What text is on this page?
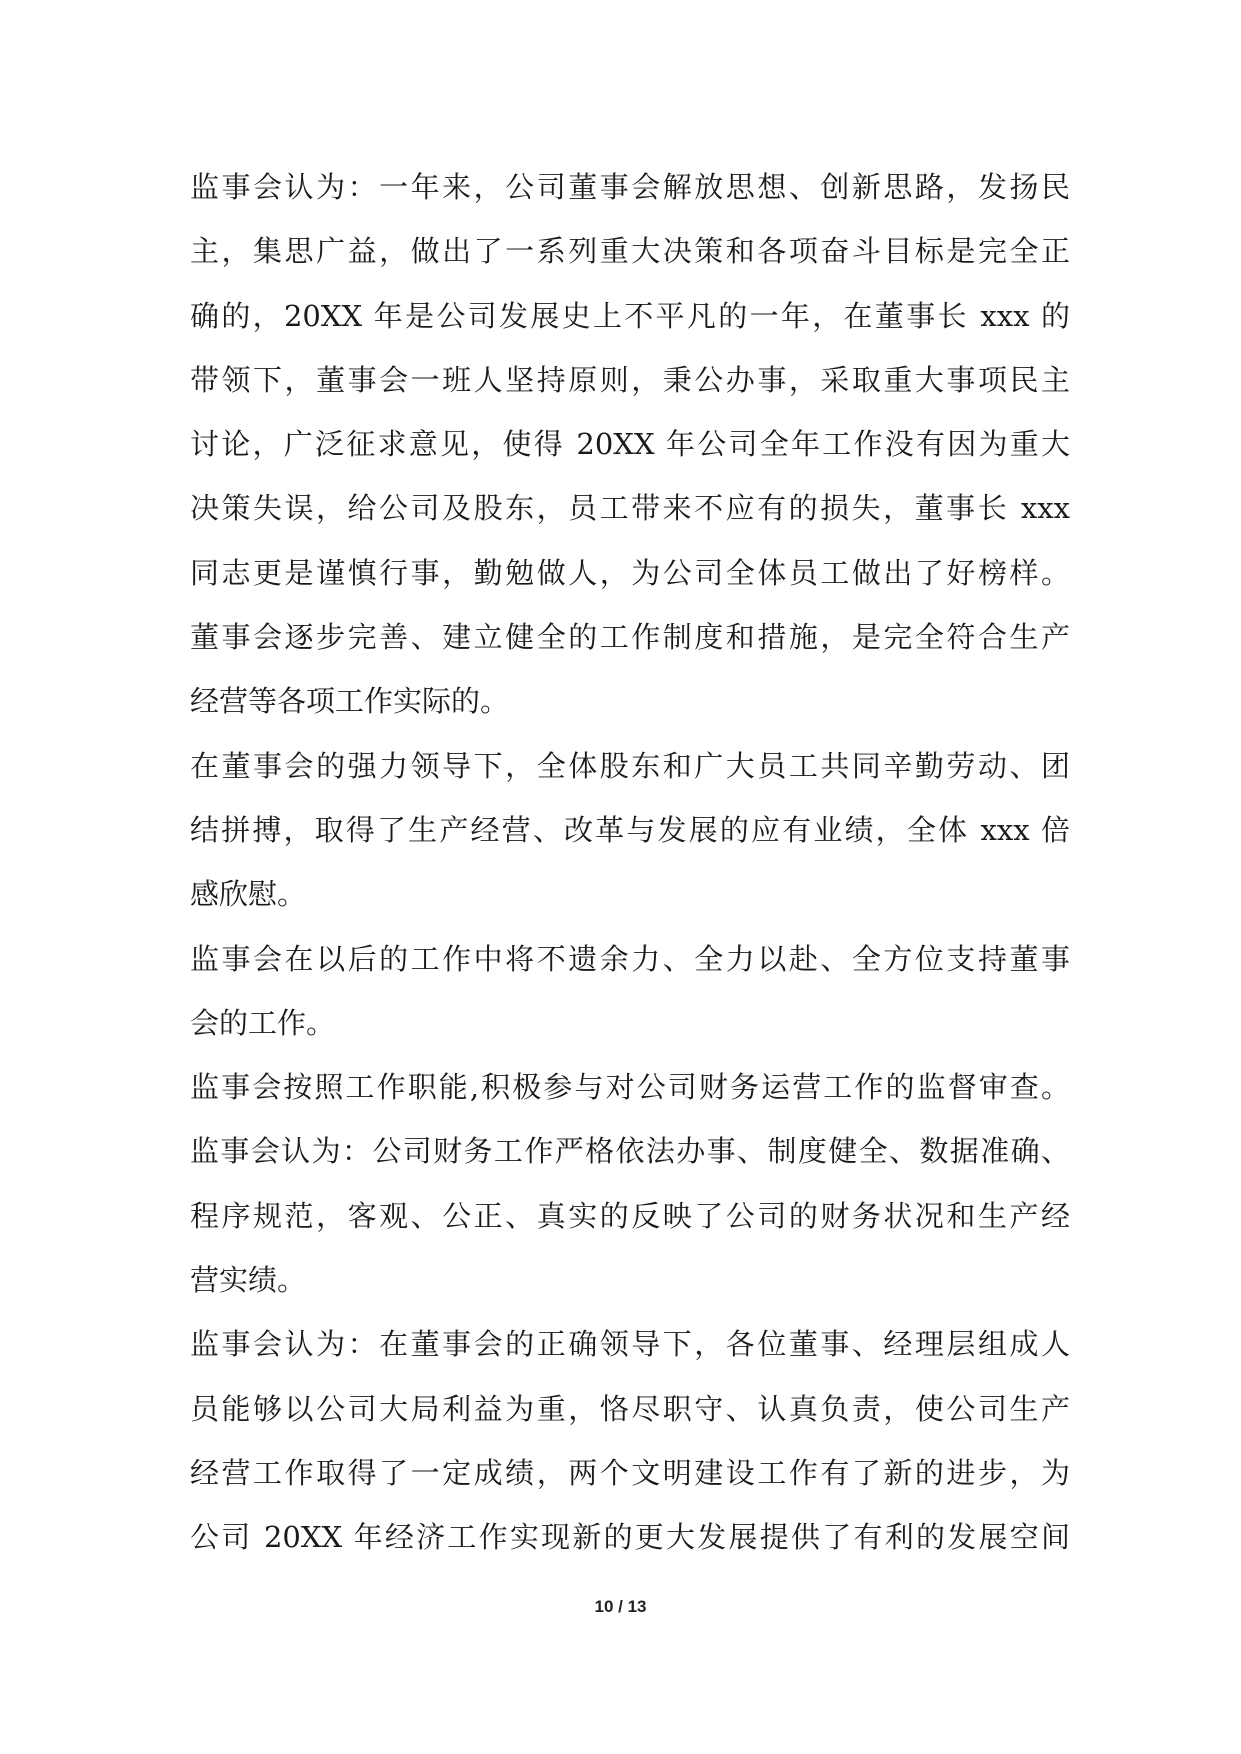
监事会认为：一年来，公司董事会解放思想、创新思路，发扬民
主，集思广益，做出了一系列重大决策和各项奋斗目标是完全正
确的，20XX 年是公司发展史上不平凡的一年，在董事长 xxx 的
带领下，董事会一班人坚持原则，秉公办事，采取重大事项民主
讨论，广泛征求意见，使得 20XX 年公司全年工作没有因为重大
决策失误，给公司及股东，员工带来不应有的损失，董事长 xxx
同志更是谨慎行事，勤勉做人，为公司全体员工做出了好榜样。
董事会逐步完善、建立健全的工作制度和措施，是完全符合生产
经营等各项工作实际的。
在董事会的强力领导下，全体股东和广大员工共同辛勤劳动、团
结拼搏，取得了生产经营、改革与发展的应有业绩，全体 xxx 倍
感欣慰。
监事会在以后的工作中将不遗余力、全力以赴、全方位支持董事
会的工作。
监事会按照工作职能,积极参与对公司财务运营工作的监督审查。
监事会认为：公司财务工作严格依法办事、制度健全、数据准确、
程序规范，客观、公正、真实的反映了公司的财务状况和生产经
营实绩。
监事会认为：在董事会的正确领导下，各位董事、经理层组成人
员能够以公司大局利益为重，恪尽职守、认真负责，使公司生产
经营工作取得了一定成绩，两个文明建设工作有了新的进步，为
公司 20XX 年经济工作实现新的更大发展提供了有利的发展空间
10 / 13
